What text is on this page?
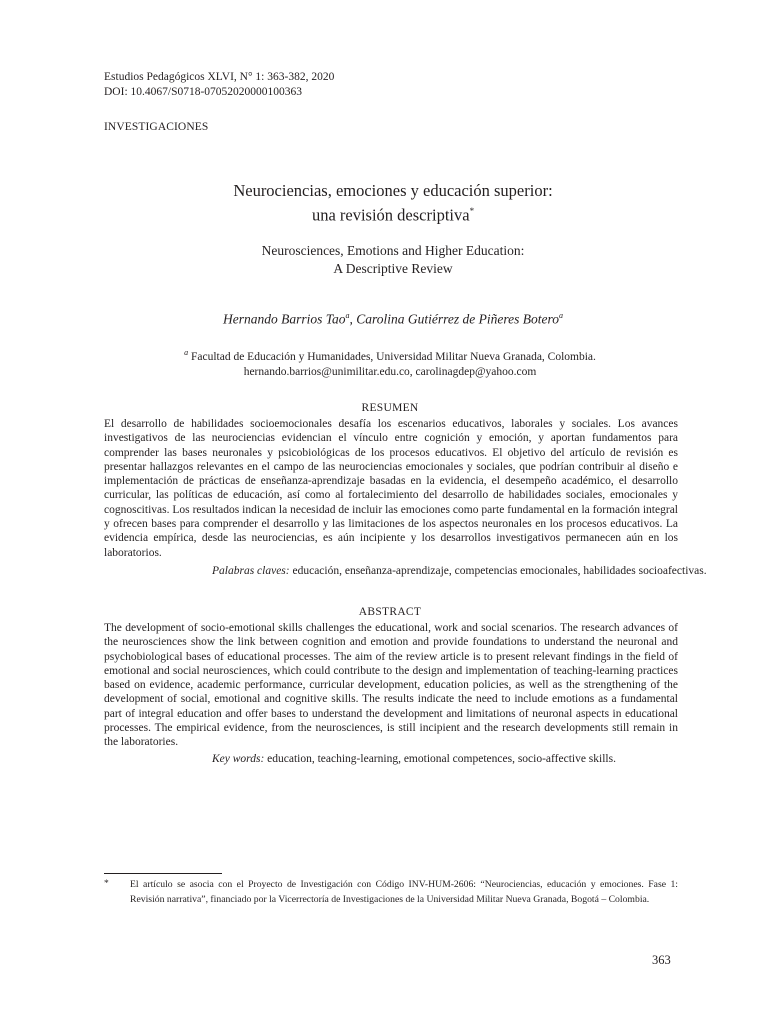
Estudios Pedagógicos XLVI, N° 1: 363-382, 2020
DOI: 10.4067/S0718-07052020000100363
INVESTIGACIONES
Neurociencias, emociones y educación superior:
una revisión descriptiva*
Neurosciences, Emotions and Higher Education:
A Descriptive Review
Hernando Barrios Tao$^a$, Carolina Gutiérrez de Piñeres Botero$^a$
$^a$ Facultad de Educación y Humanidades, Universidad Militar Nueva Granada, Colombia.
hernando.barrios@unimilitar.edu.co, carolinagdep@yahoo.com
RESUMEN

El desarrollo de habilidades socioemocionales desafía los escenarios educativos, laborales y sociales. Los avances investigativos de las neurociencias evidencian el vínculo entre cognición y emoción, y aportan fundamentos para comprender las bases neuronales y psicobiológicas de los procesos educativos. El objetivo del artículo de revisión es presentar hallazgos relevantes en el campo de las neurociencias emocionales y sociales, que podrían contribuir al diseño e implementación de prácticas de enseñanza-aprendizaje basadas en la evidencia, el desempeño académico, el desarrollo curricular, las políticas de educación, así como al fortalecimiento del desarrollo de habilidades sociales, emocionales y cognoscitivas. Los resultados indican la necesidad de incluir las emociones como parte fundamental en la formación integral y ofrecen bases para comprender el desarrollo y las limitaciones de los aspectos neuronales en los procesos educativos. La evidencia empírica, desde las neurociencias, es aún incipiente y los desarrollos investigativos permanecen aún en los laboratorios.

Palabras claves: educación, enseñanza-aprendizaje, competencias emocionales, habilidades socioafectivas.
ABSTRACT

The development of socio-emotional skills challenges the educational, work and social scenarios. The research advances of the neurosciences show the link between cognition and emotion and provide foundations to understand the neuronal and psychobiological bases of educational processes. The aim of the review article is to present relevant findings in the field of emotional and social neurosciences, which could contribute to the design and implementation of teaching-learning practices based on evidence, academic performance, curricular development, education policies, as well as the strengthening of the development of social, emotional and cognitive skills. The results indicate the need to include emotions as a fundamental part of integral education and offer bases to understand the development and limitations of neuronal aspects in educational processes. The empirical evidence, from the neurosciences, is still incipient and the research developments still remain in the laboratories.

Key words: education, teaching-learning, emotional competences, socio-affective skills.
* El artículo se asocia con el Proyecto de Investigación con Código INV-HUM-2606: “Neurociencias, educación y emociones. Fase 1: Revisión narrativa”, financiado por la Vicerrectoría de Investigaciones de la Universidad Militar Nueva Granada, Bogotá – Colombia.
363
